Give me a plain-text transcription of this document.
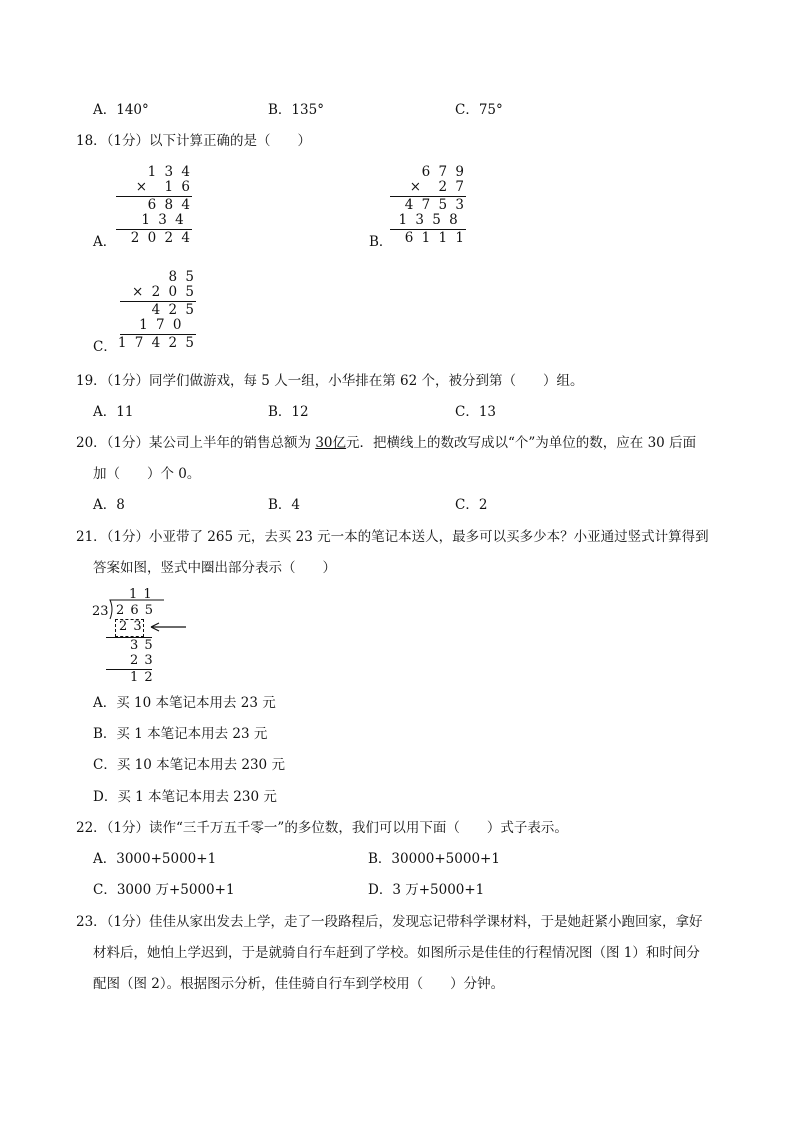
A．140°	B．135°	C．75°
18．（1分）以下计算正确的是（　　）
1 3 4
×　1 6
6 8 4
1 3 4
2 0 2 4
A．
6 7 9
×　2 7
4 7 5 3
1 3 5 8
6 1 1 1
B．
8 5
× 2 0 5
4 2 5
1 7 0
1 7 4 2 5
C．
19．（1分）同学们做游戏，每 5 人一组，小华排在第 62 个，被分到第（　　）组。
A．11	B．12	C．13
20．（1分）某公司上半年的销售总额为 30亿元．把横线上的数改写成以“个”为单位的数，应在 30 后面
加（　　）个 0。
A．8	B．4	C．2
21．（1分）小亚带了 265 元，去买 23 元一本的笔记本送人，最多可以买多少本？小亚通过竖式计算得到
答案如图，竖式中圈出部分表示（　　）
1 1
23 2 6 5
2 3
3 5
2 3
1 2
A．买 10 本笔记本用去 23 元
B．买 1 本笔记本用去 23 元
C．买 10 本笔记本用去 230 元
D．买 1 本笔记本用去 230 元
22．（1分）读作“三千万五千零一”的多位数，我们可以用下面（　　）式子表示。
A．3000+5000+1	B．30000+5000+1
C．3000 万+5000+1	D．3 万+5000+1
23．（1分）佳佳从家出发去上学，走了一段路程后，发现忘记带科学课材料，于是她赶紧小跑回家，拿好
材料后，她怕上学迟到，于是就骑自行车赶到了学校。如图所示是佳佳的行程情况图（图 1）和时间分
配图（图 2）。根据图示分析，佳佳骑自行车到学校用（　　）分钟。
